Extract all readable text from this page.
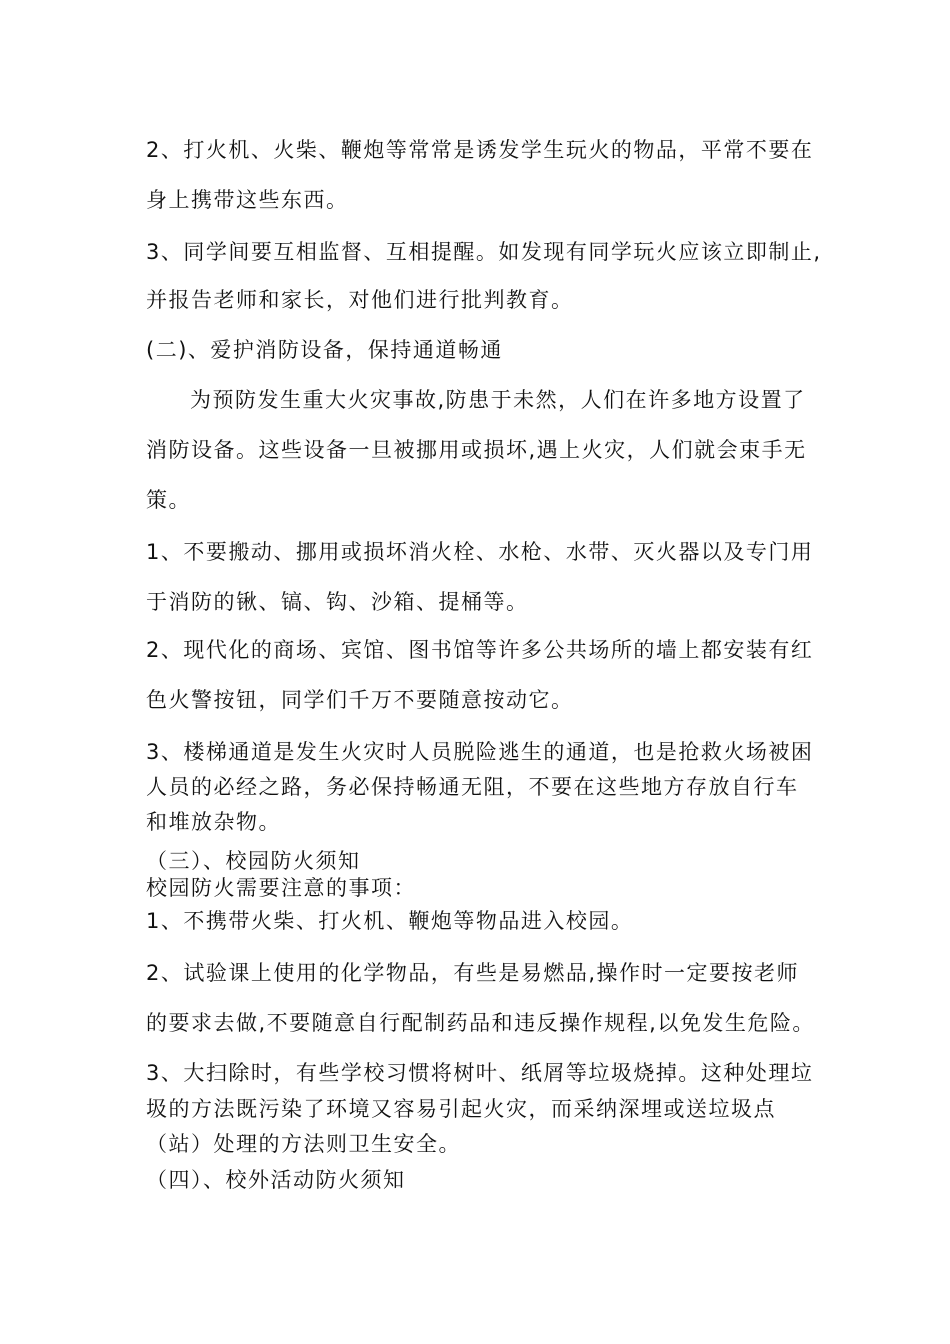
2、打火机、火柴、鞭炮等常常是诱发学生玩火的物品，平常不要在
身上携带这些东西。
3、同学间要互相监督、互相提醒。如发现有同学玩火应该立即制止,
并报告老师和家长，对他们进行批判教育。
(二)、爱护消防设备，保持通道畅通
为预防发生重大火灾事故,防患于未然，人们在许多地方设置了
消防设备。这些设备一旦被挪用或损坏,遇上火灾，人们就会束手无
策。
1、不要搬动、挪用或损坏消火栓、水枪、水带、灭火器以及专门用
于消防的锹、镐、钩、沙箱、提桶等。
2、现代化的商场、宾馆、图书馆等许多公共场所的墙上都安装有红
色火警按钮，同学们千万不要随意按动它。
3、楼梯通道是发生火灾时人员脱险逃生的通道，也是抢救火场被困
人员的必经之路，务必保持畅通无阻，不要在这些地方存放自行车
和堆放杂物。
（三）、校园防火须知
校园防火需要注意的事项：
1、不携带火柴、打火机、鞭炮等物品进入校园。
2、试验课上使用的化学物品，有些是易燃品,操作时一定要按老师
的要求去做,不要随意自行配制药品和违反操作规程,以免发生危险。
3、大扫除时，有些学校习惯将树叶、纸屑等垃圾烧掉。这种处理垃
圾的方法既污染了环境又容易引起火灾，而采纳深埋或送垃圾点
（站）处理的方法则卫生安全。
（四）、校外活动防火须知
